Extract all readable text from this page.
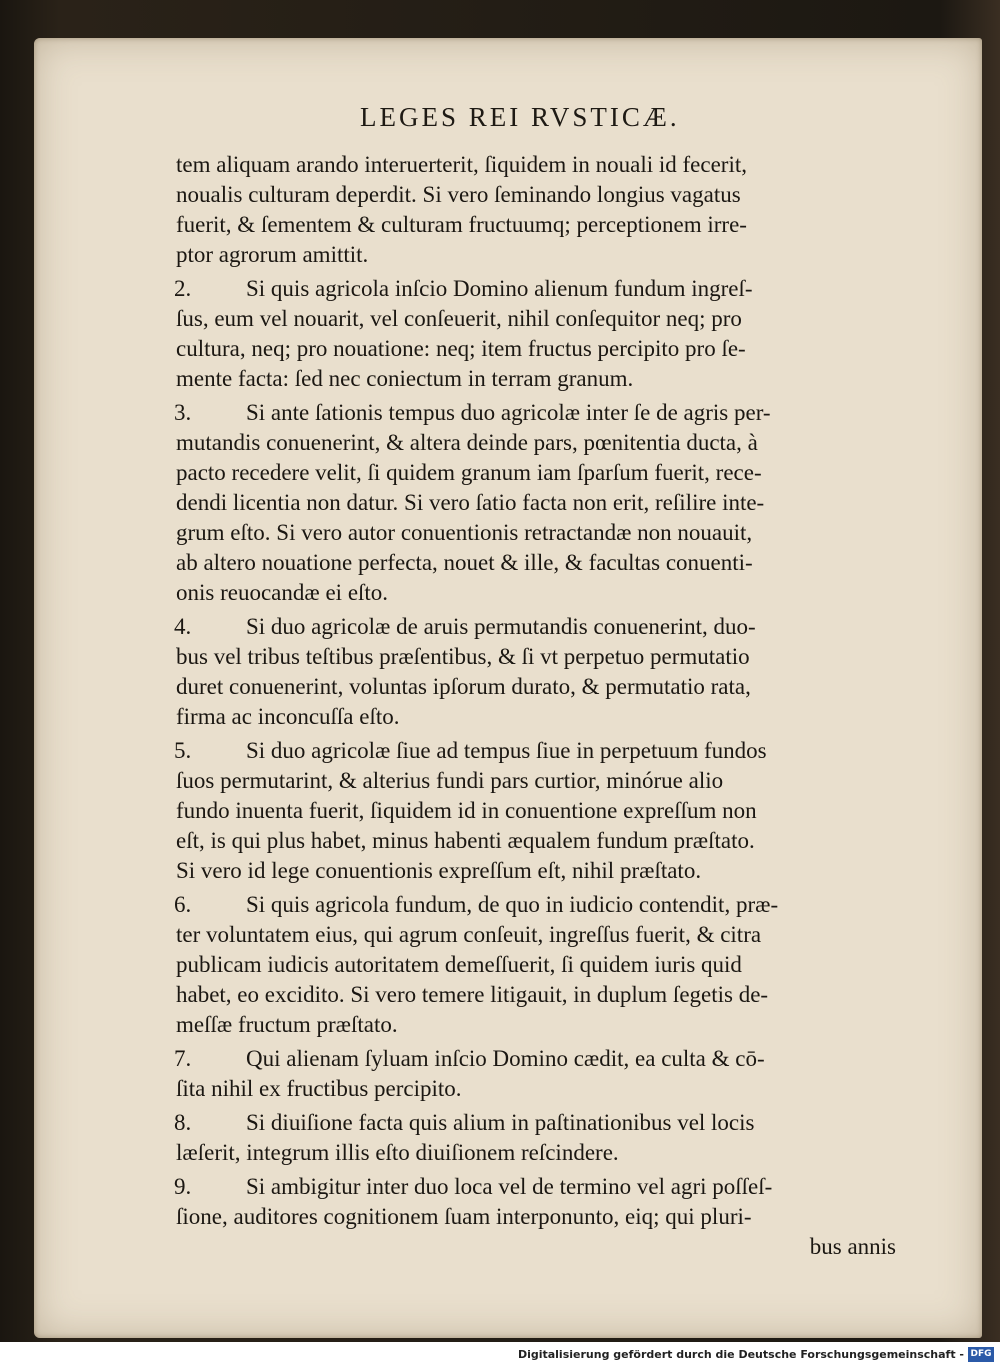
LEGES REI RVSTICÆ.
tem aliquam arando interuerterit, ſiquidem in nouali id fecerit,
noualis culturam deperdit. Si vero ſeminando longius vagatus
fuerit, & ſementem & culturam fructuumq; perceptionem irre-
ptor agrorum amittit.
2. Si quis agricola inſcio Domino alienum fundum ingreſ-
ſus, eum vel nouarit, vel conſeuerit, nihil conſequitor neq; pro
cultura, neq; pro nouatione: neq; item fructus percipito pro ſe-
mente facta: ſed nec coniectum in terram granum.
3. Si ante ſationis tempus duo agricolæ inter ſe de agris per-
mutandis conuenerint, & altera deinde pars, pœnitentia ducta, à
pacto recedere velit, ſi quidem granum iam ſparſum fuerit, rece-
dendi licentia non datur. Si vero ſatio facta non erit, reſilire inte-
grum eſto. Si vero autor conuentionis retractandæ non nouauit,
ab altero nouatione perfecta, nouet & ille, & facultas conuenti-
onis reuocandæ ei eſto.
4. Si duo agricolæ de aruis permutandis conuenerint, duo-
bus vel tribus teſtibus præſentibus, & ſi vt perpetuo permutatio
duret conuenerint, voluntas ipſorum durato, & permutatio rata,
firma ac inconcuſſa eſto.
5. Si duo agricolæ ſiue ad tempus ſiue in perpetuum fundos
ſuos permutarint, & alterius fundi pars curtior, minórue alio
fundo inuenta fuerit, ſiquidem id in conuentione expreſſum non
eſt, is qui plus habet, minus habenti æqualem fundum præſtato.
Si vero id lege conuentionis expreſſum eſt, nihil præſtato.
6. Si quis agricola fundum, de quo in iudicio contendit, præ-
ter voluntatem eius, qui agrum conſeuit, ingreſſus fuerit, & citra
publicam iudicis autoritatem demeſſuerit, ſi quidem iuris quid
habet, eo excidito. Si vero temere litigauit, in duplum ſegetis de-
meſſæ fructum præſtato.
7. Qui alienam ſyluam inſcio Domino cædit, ea culta & cō-
ſita nihil ex fructibus percipito.
8. Si diuiſione facta quis alium in paſtinationibus vel locis
læſerit, integrum illis eſto diuiſionem reſcindere.
9. Si ambigitur inter duo loca vel de termino vel agri poſſeſ-
ſione, auditores cognitionem ſuam interponunto, eiq; qui pluri-
bus annis
Digitalisierung gefördert durch die Deutsche Forschungsgemeinschaft - DFG
